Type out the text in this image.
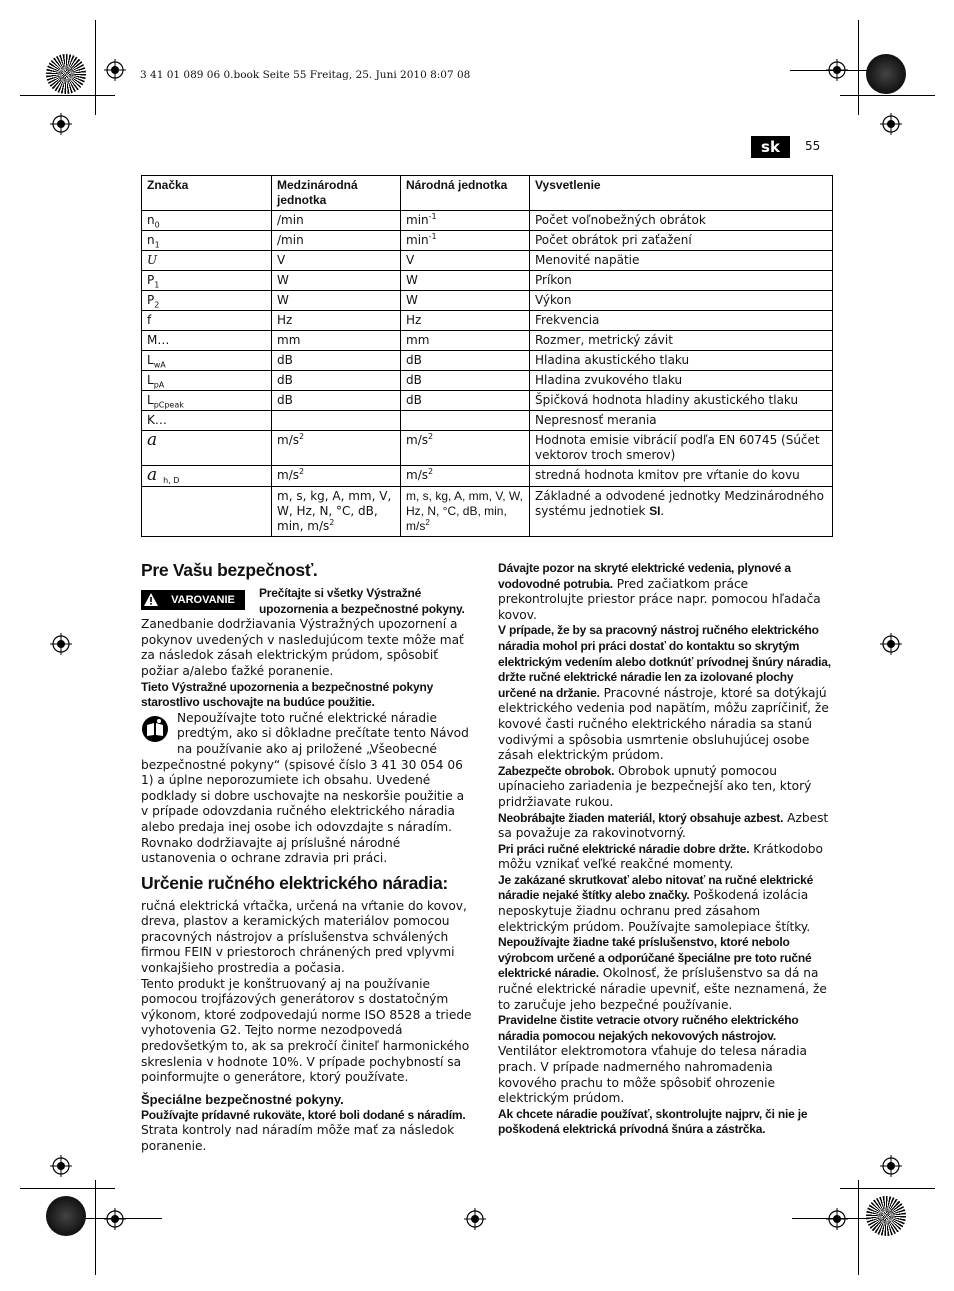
3 41 01 089 06 0.book Seite 55 Freitag, 25. Juni 2010 8:07 08
sk	55
Značka	Medzinárodná jednotka	Národná jednotka	Vysvetlenie
$n_0$	/min	$\min^{-1}$	Počet voľnobežných obrátok
$n_1$	/min	$\min^{-1}$	Počet obrátok pri zaťažení
U	V	V	Menovité napätie
$P_1$	W	W	Príkon
$P_2$	W	W	Výkon
f	Hz	Hz	Frekvencia
M…	mm	mm	Rozmer, metrický závit
$L_{wA}$	dB	dB	Hladina akustického tlaku
$L_{pA}$	dB	dB	Hladina zvukového tlaku
$L_{pCpeak}$	dB	dB	Špičková hodnota hladiny akustického tlaku
K…			Nepresnosť merania
a	$m/s^2$	$m/s^2$	Hodnota emisie vibrácií podľa EN 60745 (Súčet vektorov troch smerov)
a $_{h, D}$	$m/s^2$	$m/s^2$	stredná hodnota kmitov pre vŕtanie do kovu
	m, s, kg, A, mm, V, W, Hz, N, °C, dB, min, $m/s^2$	m, s, kg, A, mm, V, W, Hz, N, °C, dB, min, $m/s^2$	Základné a odvodené jednotky Medzinárodného systému jednotiek SI.
Pre Vašu bezpečnosť.
VAROVANIE	Prečítajte si všetky Výstražné upozornenia a bezpečnostné pokyny. Zanedbanie dodržiavania Výstražných upozornení a pokynov uvedených v nasledujúcom texte môže mať za následok zásah elektrickým prúdom, spôsobiť požiar a/alebo ťažké poranenie.

Tieto Výstražné upozornenia a bezpečnostné pokyny starostlivo uschovajte na budúce použitie.

Nepoužívajte toto ručné elektrické náradie predtým, ako si dôkladne prečítate tento Návod na používanie ako aj priložené „Všeobecné bezpečnostné pokyny“ (spisové číslo 3 41 30 054 06 1) a úplne neporozumiete ich obsahu. Uvedené podklady si dobre uschovajte na neskoršie použitie a v prípade odovzdania ručného elektrického náradia alebo predaja inej osobe ich odovzdajte s náradím.

Rovnako dodržiavajte aj príslušné národné ustanovenia o ochrane zdravia pri práci.

Určenie ručného elektrického náradia:

ručná elektrická vŕtačka, určená na vŕtanie do kovov, dreva, plastov a keramických materiálov pomocou pracovných nástrojov a príslušenstva schválených firmou FEIN v priestoroch chránených pred vplyvmi vonkajšieho prostredia a počasia.

Tento produkt je konštruovaný aj na používanie pomocou trojfázových generátorov s dostatočným výkonom, ktoré zodpovedajú norme ISO 8528 a triede vyhotovenia G2. Tejto norme nezodpovedá predovšetkým to, ak sa prekročí činiteľ harmonického skreslenia v hodnote 10%. V prípade pochybností sa poinformujte o generátore, ktorý používate.

Špeciálne bezpečnostné pokyny.

Používajte prídavné rukoväte, ktoré boli dodané s náradím. Strata kontroly nad náradím môže mať za následok poranenie.

Dávajte pozor na skryté elektrické vedenia, plynové a vodovodné potrubia. Pred začiatkom práce prekontrolujte priestor práce napr. pomocou hľadača kovov.

V prípade, že by sa pracovný nástroj ručného elektrického náradia mohol pri práci dostať do kontaktu so skrytým elektrickým vedením alebo dotknúť prívodnej šnúry náradia, držte ručné elektrické náradie len za izolované plochy určené na držanie. Pracovné nástroje, ktoré sa dotýkajú elektrického vedenia pod napätím, môžu zapríčiniť, že kovové časti ručného elektrického náradia sa stanú vodivými a spôsobia usmrtenie obsluhujúcej osobe zásah elektrickým prúdom.

Zabezpečte obrobok. Obrobok upnutý pomocou upínacieho zariadenia je bezpečnejší ako ten, ktorý pridržiavate rukou.

Neobrábajte žiaden materiál, ktorý obsahuje azbest. Azbest sa považuje za rakovinotvorný.

Pri práci ručné elektrické náradie dobre držte. Krátkodobo môžu vznikať veľké reakčné momenty.

Je zakázané skrutkovať alebo nitovať na ručné elektrické náradie nejaké štítky alebo značky. Poškodená izolácia neposkytuje žiadnu ochranu pred zásahom elektrickým prúdom. Používajte samolepiace štítky.

Nepoužívajte žiadne také príslušenstvo, ktoré nebolo výrobcom určené a odporúčané špeciálne pre toto ručné elektrické náradie. Okolnosť, že príslušenstvo sa dá na ručné elektrické náradie upevniť, ešte neznamená, že to zaručuje jeho bezpečné používanie.

Pravidelne čistite vetracie otvory ručného elektrického náradia pomocou nejakých nekovových nástrojov. Ventilátor elektromotora vťahuje do telesa náradia prach. V prípade nadmerného nahromadenia kovového prachu to môže spôsobiť ohrozenie elektrickým prúdom.

Ak chcete náradie používať, skontrolujte najprv, či nie je poškodená elektrická prívodná šnúra a zástrčka.
